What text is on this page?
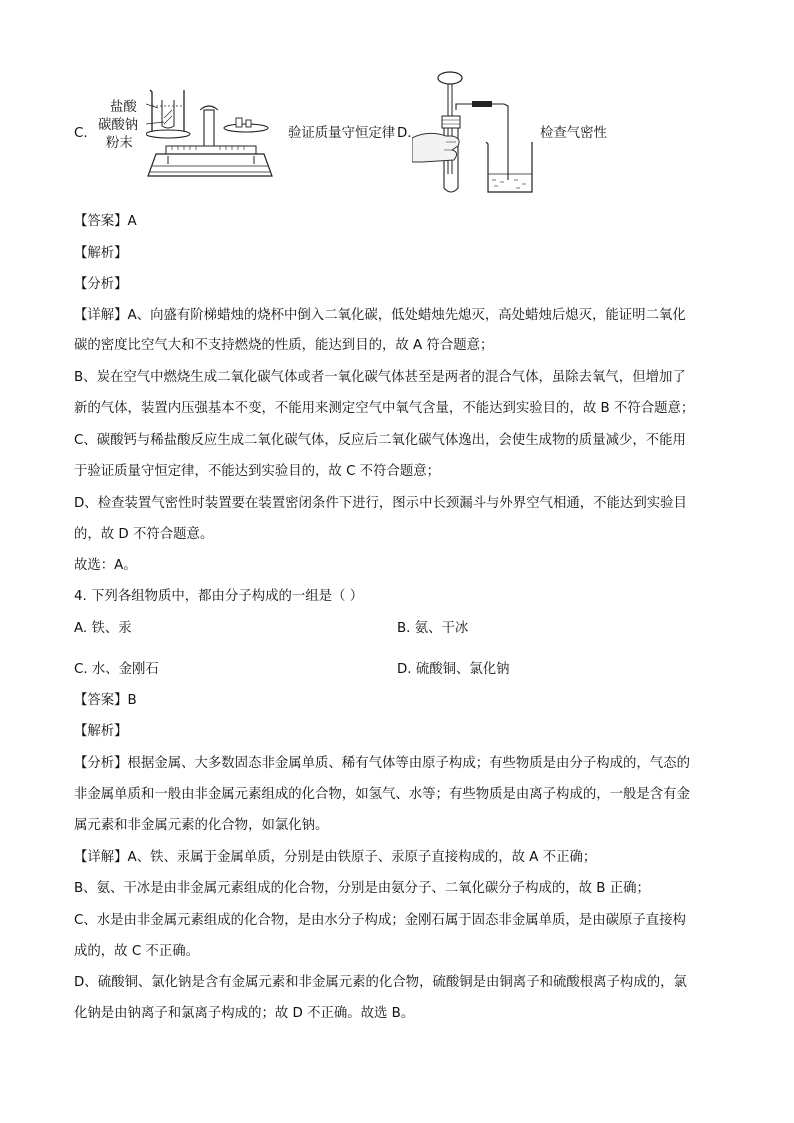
C.
盐酸
碳酸钠
粉末
验证质量守恒定律 D.	检查气密性
【答案】A
【解析】
【分析】
【详解】A、向盛有阶梯蜡烛的烧杯中倒入二氧化碳，低处蜡烛先熄灭，高处蜡烛后熄灭，能证明二氧化
碳的密度比空气大和不支持燃烧的性质，能达到目的，故 A 符合题意；
B、炭在空气中燃烧生成二氧化碳气体或者一氧化碳气体甚至是两者的混合气体，虽除去氧气，但增加了
新的气体，装置内压强基本不变，不能用来测定空气中氧气含量，不能达到实验目的，故 B 不符合题意；
C、碳酸钙与稀盐酸反应生成二氧化碳气体，反应后二氧化碳气体逸出，会使生成物的质量减少，不能用
于验证质量守恒定律，不能达到实验目的，故 C 不符合题意；
D、检查装置气密性时装置要在装置密闭条件下进行，图示中长颈漏斗与外界空气相通，不能达到实验目
的，故 D 不符合题意。
故选：A。
4. 下列各组物质中，都由分子构成的一组是（ ）
A. 铁、汞	B. 氨、干冰
C. 水、金刚石	D. 硫酸铜、氯化钠
【答案】B
【解析】
【分析】根据金属、大多数固态非金属单质、稀有气体等由原子构成；有些物质是由分子构成的，气态的
非金属单质和一般由非金属元素组成的化合物，如氢气、水等；有些物质是由离子构成的，一般是含有金
属元素和非金属元素的化合物，如氯化钠。
【详解】A、铁、汞属于金属单质，分别是由铁原子、汞原子直接构成的，故 A 不正确；
B、氨、干冰是由非金属元素组成的化合物，分别是由氨分子、二氧化碳分子构成的，故 B 正确；
C、水是由非金属元素组成的化合物，是由水分子构成；金刚石属于固态非金属单质，是由碳原子直接构
成的，故 C 不正确。
D、硫酸铜、氯化钠是含有金属元素和非金属元素的化合物，硫酸铜是由铜离子和硫酸根离子构成的，氯
化钠是由钠离子和氯离子构成的；故 D 不正确。故选 B。
